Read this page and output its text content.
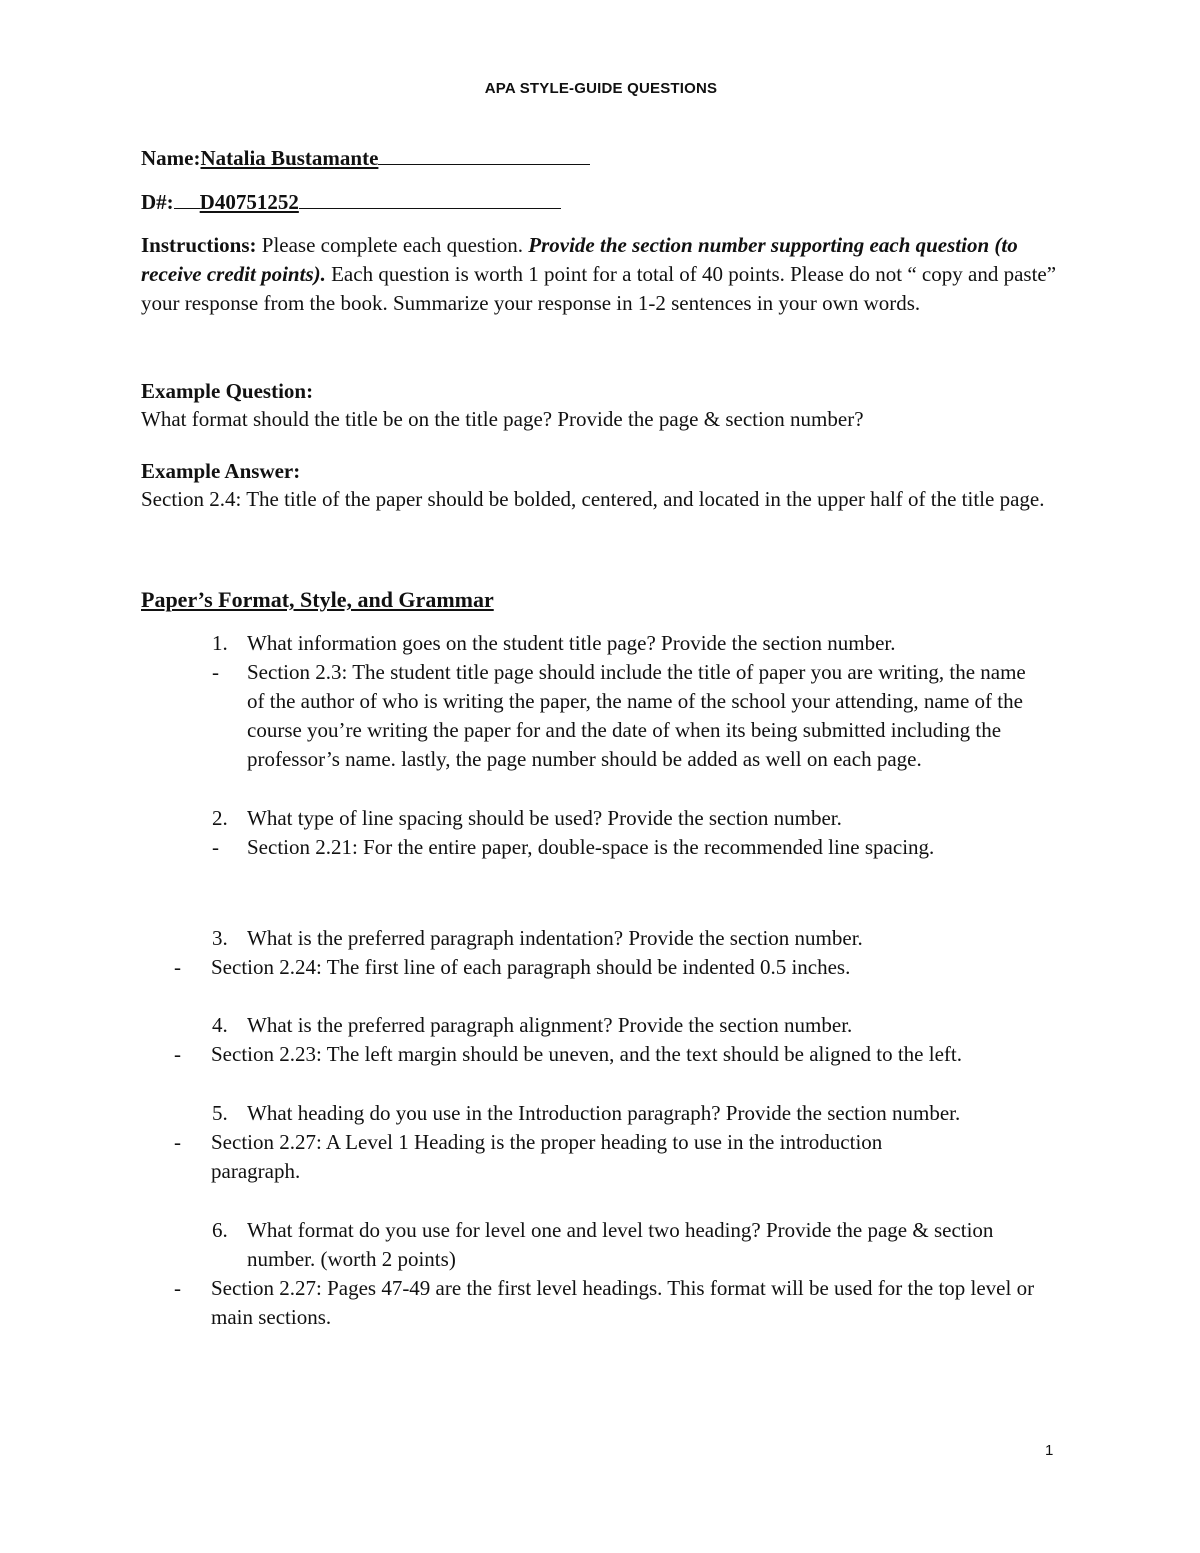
APA STYLE-GUIDE QUESTIONS
Name:Natalia Bustamante
D#: D40751252
Instructions: Please complete each question. Provide the section number supporting each question (to receive credit points). Each question is worth 1 point for a total of 40 points. Please do not “ copy and paste” your response from the book. Summarize your response in 1-2 sentences in your own words.
Example Question:
What format should the title be on the title page? Provide the page & section number?
Example Answer:
Section 2.4: The title of the paper should be bolded, centered, and located in the upper half of the title page.
Paper’s Format, Style, and Grammar
1. What information goes on the student title page? Provide the section number.
-	Section 2.3: The student title page should include the title of paper you are writing, the name of the author of who is writing the paper, the name of the school your attending, name of the course you’re writing the paper for and the date of when its being submitted including the professor’s name. lastly, the page number should be added as well on each page.
2. What type of line spacing should be used? Provide the section number.
-	Section 2.21: For the entire paper, double-space is the recommended line spacing.
3. What is the preferred paragraph indentation? Provide the section number.
-	Section 2.24: The first line of each paragraph should be indented 0.5 inches.
4. What is the preferred paragraph alignment? Provide the section number.
-	Section 2.23: The left margin should be uneven, and the text should be aligned to the left.
5. What heading do you use in the Introduction paragraph? Provide the section number.
-	Section 2.27: A Level 1 Heading is the proper heading to use in the introduction paragraph.
6. What format do you use for level one and level two heading? Provide the page & section number. (worth 2 points)
-	Section 2.27: Pages 47-49 are the first level headings. This format will be used for the top level or main sections.
1
